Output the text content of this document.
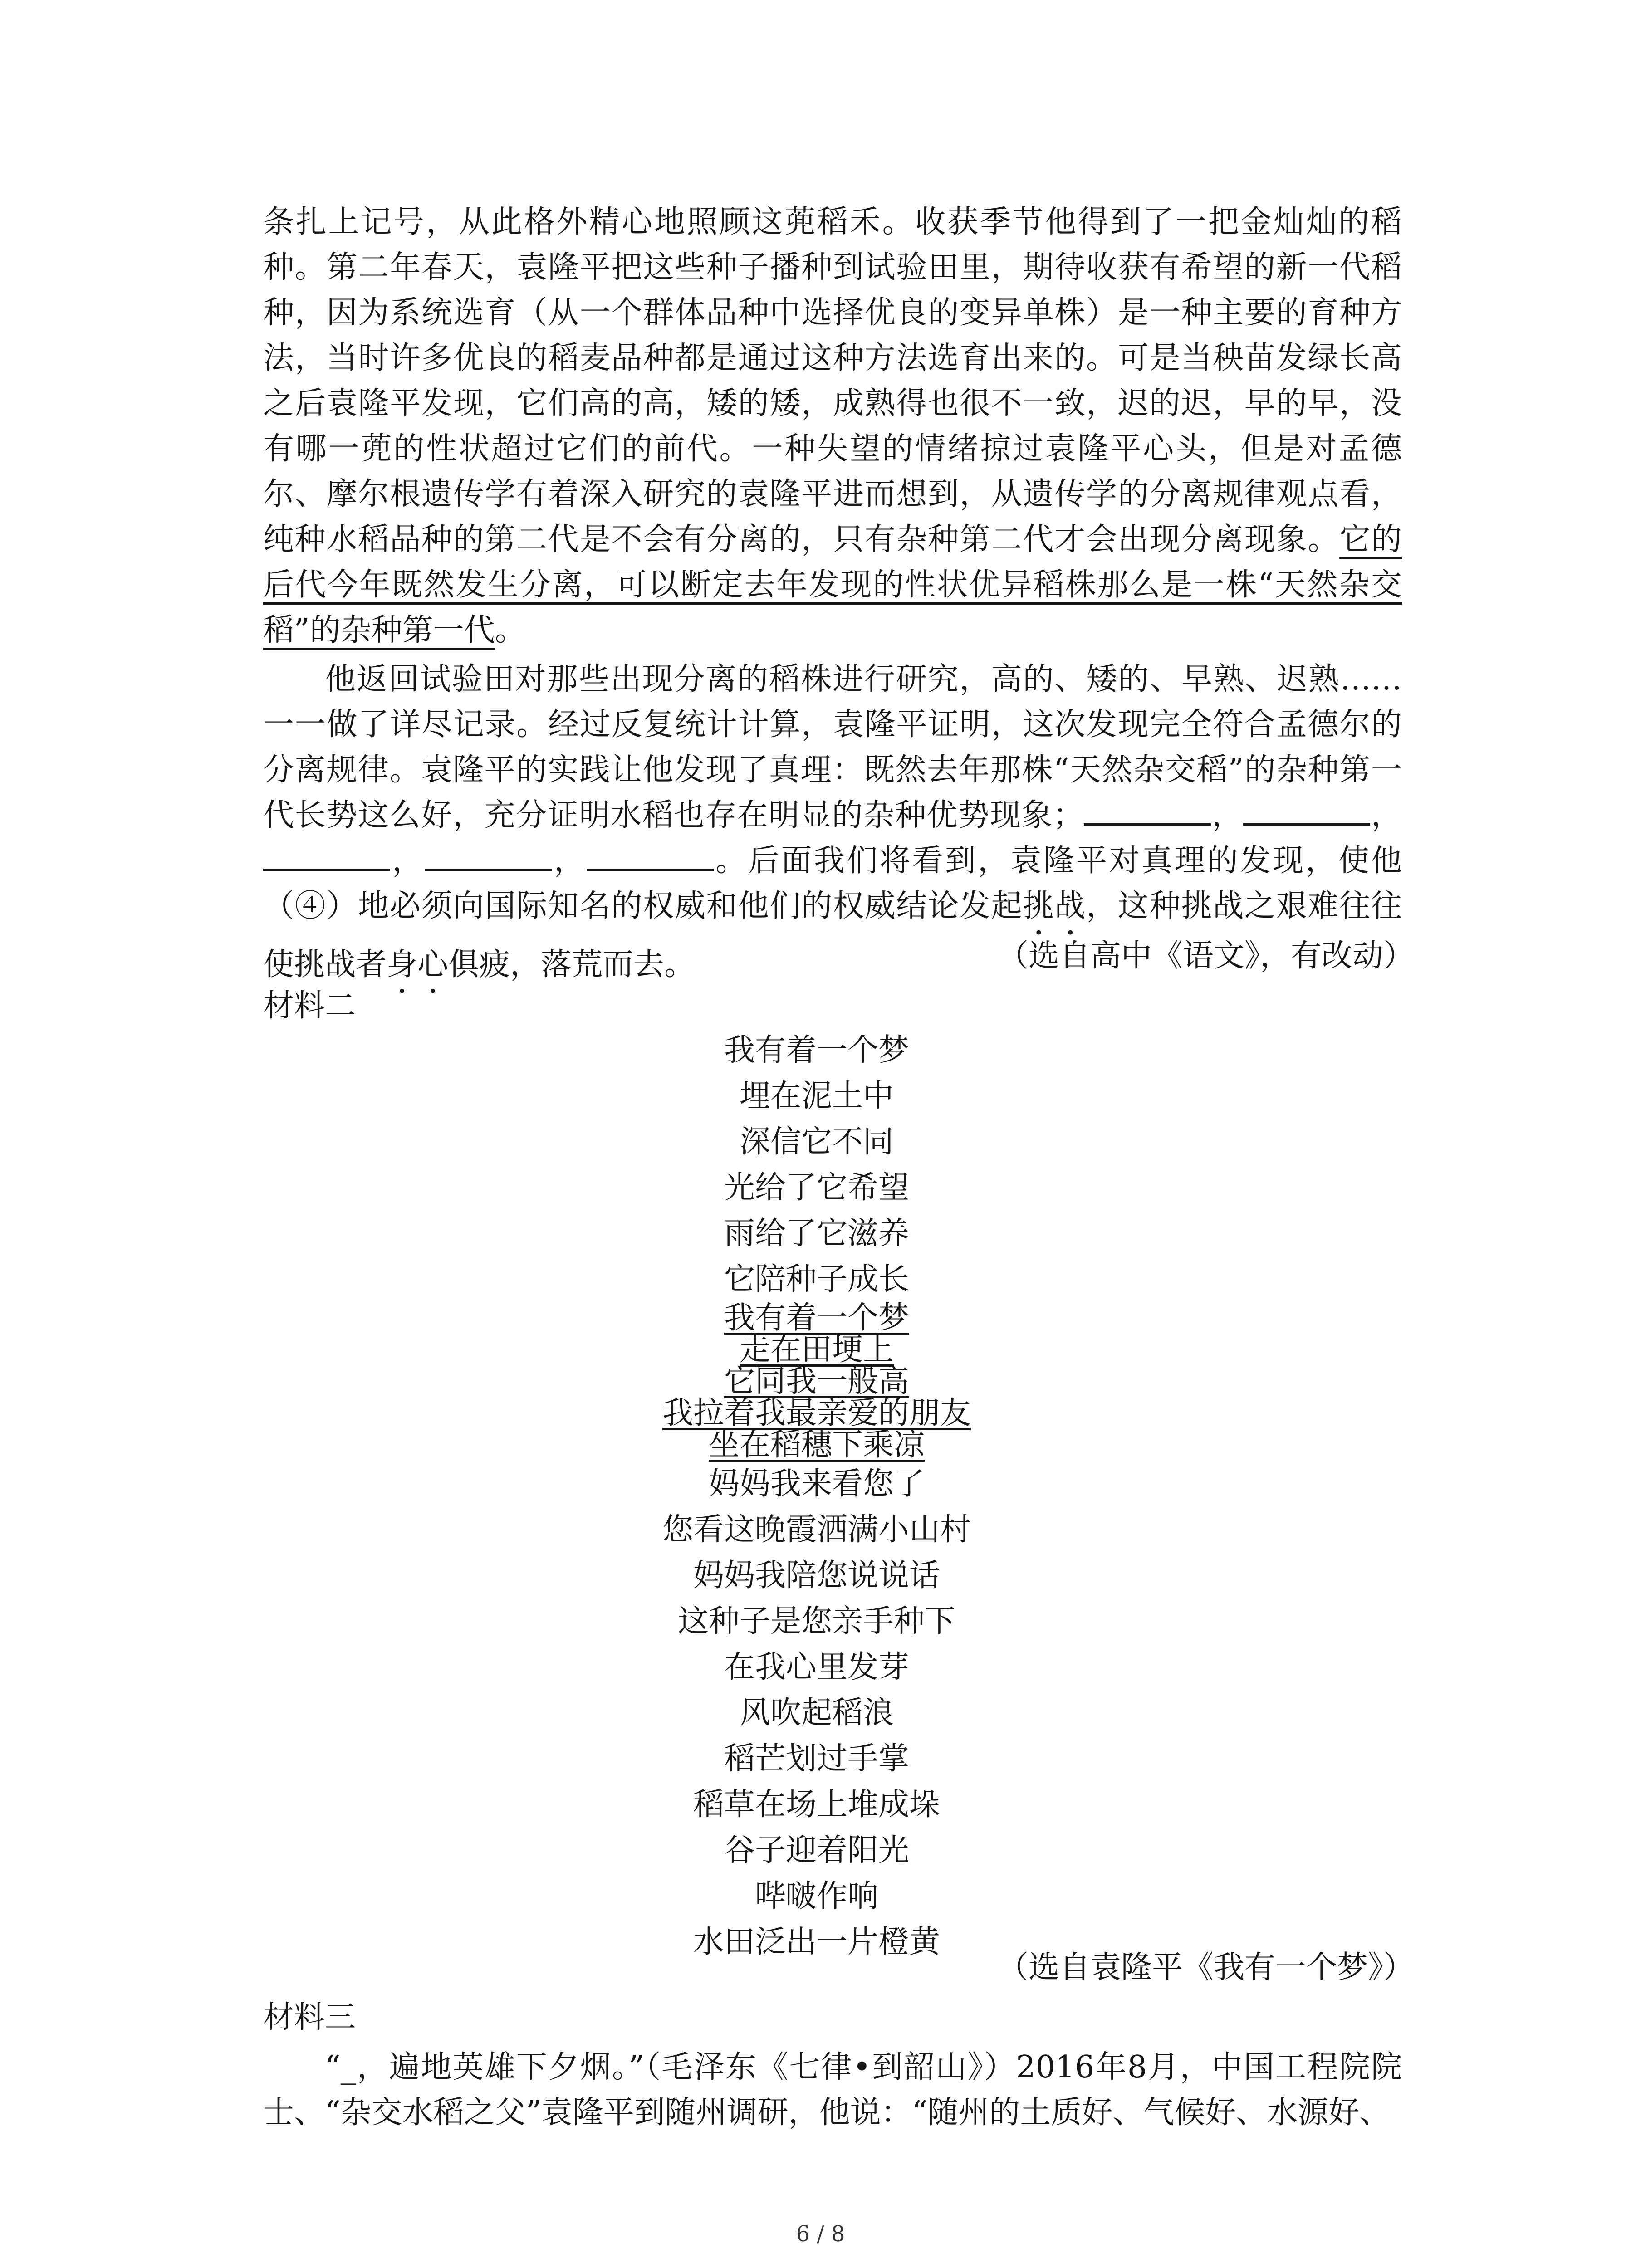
条扎上记号，从此格外精心地照顾这蔸稻禾。收获季节他得到了一把金灿灿的稻种。第二年春天，袁隆平把这些种子播种到试验田里，期待收获有希望的新一代稻种，因为系统选育（从一个群体品种中选择优良的变异单株）是一种主要的育种方法，当时许多优良的稻麦品种都是通过这种方法选育出来的。可是当秧苗发绿长高之后袁隆平发现，它们高的高，矮的矮，成熟得也很不一致，迟的迟，早的早，没有哪一蔸的性状超过它们的前代。一种失望的情绪掠过袁隆平心头，但是对孟德尔、摩尔根遗传学有着深入研究的袁隆平进而想到，从遗传学的分离规律观点看，纯种水稻品种的第二代是不会有分离的，只有杂种第二代才会出现分离现象。它的后代今年既然发生分离，可以断定去年发现的性状优异稻株那么是一株“天然杂交稻”的杂种第一代。

他返回试验田对那些出现分离的稻株进行研究，高的、矮的、早熟、迟熟……一一做了详尽记录。经过反复统计计算，袁隆平证明，这次发现完全符合孟德尔的分离规律。袁隆平的实践让他发现了真理：既然去年那株“天然杂交稻”的杂种第一代长势这么好，充分证明水稻也存在明显的杂种优势现象；	，	，，	，	。后面我们将看到，袁隆平对真理的发现，使他（④）地必须向国际知名的权威和他们的权威结论发起挑战，这种挑战之艰难往往使挑战者身心俱疲，落荒而去。	（选自高中《语文》，有改动）
材料二
我有着一个梦
埋在泥土中
深信它不同
光给了它希望
雨给了它滋养
它陪种子成长
我有着一个梦
走在田埂上
它同我一般高
我拉着我最亲爱的朋友
坐在稻穗下乘凉
妈妈我来看您了
您看这晚霞洒满小山村
妈妈我陪您说说话
这种子是您亲手种下
在我心里发芽
风吹起稻浪
稻芒划过手掌
稻草在场上堆成垛
谷子迎着阳光
哔啵作响
水田泛出一片橙黄
（选自袁隆平《我有一个梦》）
材料三

“_，遍地英雄下夕烟。”（毛泽东《七律•到韶山》）2016年8月，中国工程院院士、“杂交水稻之父”袁隆平到随州调研，他说：“随州的土质好、气候好、水源好、

6 / 8
